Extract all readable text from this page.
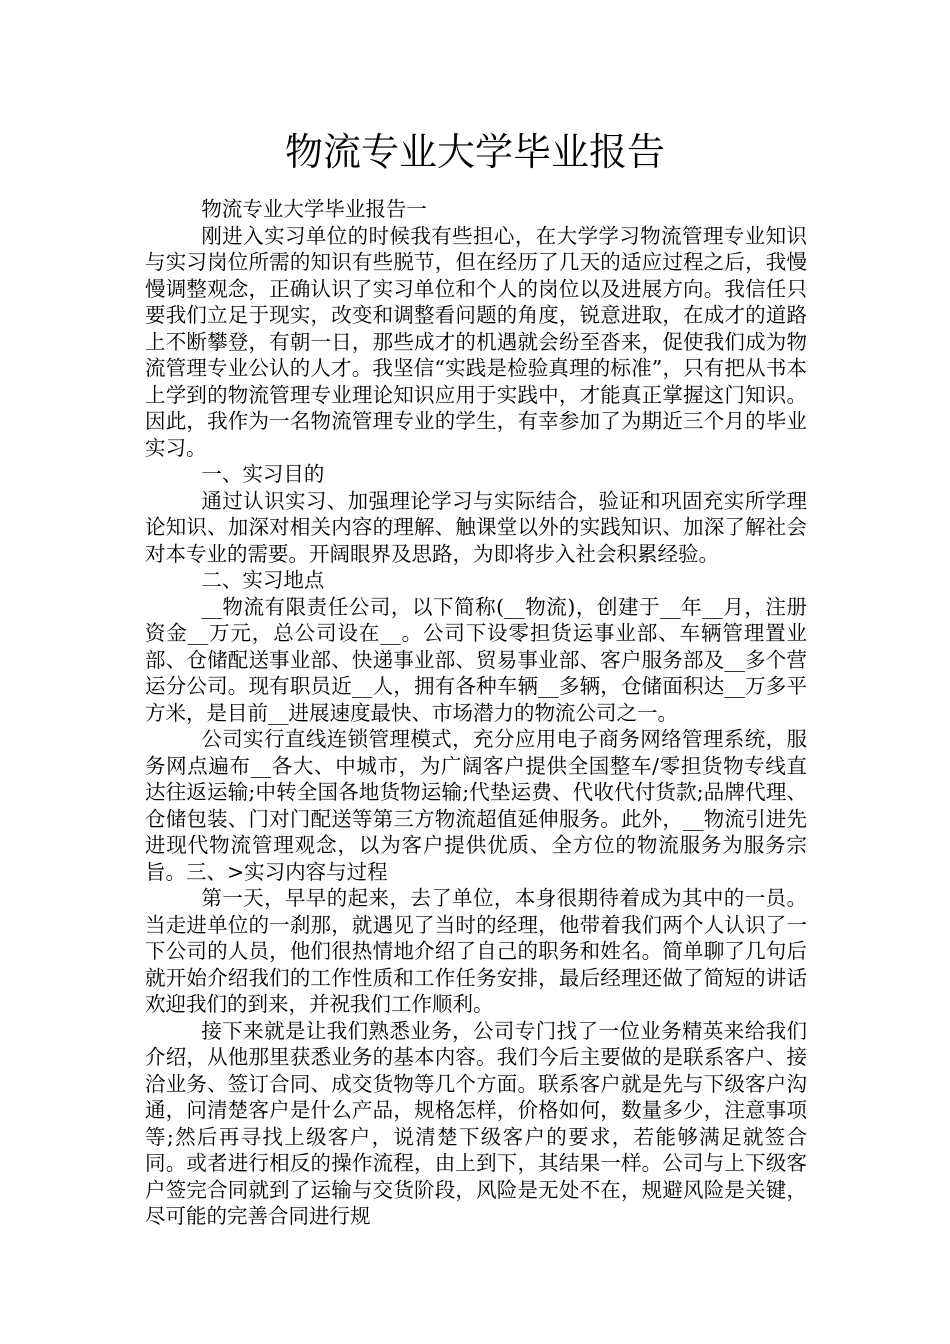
物流专业大学毕业报告

物流专业大学毕业报告一

刚进入实习单位的时候我有些担心，在大学学习物流管理专业知识与实习岗位所需的知识有些脱节，但在经历了几天的适应过程之后，我慢慢调整观念，正确认识了实习单位和个人的岗位以及进展方向。我信任只要我们立足于现实，改变和调整看问题的角度，锐意进取，在成才的道路上不断攀登，有朝一日，那些成才的机遇就会纷至沓来，促使我们成为物流管理专业公认的人才。我坚信“实践是检验真理的标准”，只有把从书本上学到的物流管理专业理论知识应用于实践中，才能真正掌握这门知识。因此，我作为一名物流管理专业的学生，有幸参加了为期近三个月的毕业实习。

一、实习目的

通过认识实习、加强理论学习与实际结合，验证和巩固充实所学理论知识、加深对相关内容的理解、触课堂以外的实践知识、加深了解社会对本专业的需要。开阔眼界及思路，为即将步入社会积累经验。

二、实习地点

__物流有限责任公司，以下简称(__物流)，创建于__年__月，注册资金__万元，总公司设在__。公司下设零担货运事业部、车辆管理置业部、仓储配送事业部、快递事业部、贸易事业部、客户服务部及__多个营运分公司。现有职员近__人，拥有各种车辆__多辆，仓储面积达__万多平方米，是目前__进展速度最快、市场潜力的物流公司之一。

公司实行直线连锁管理模式，充分应用电子商务网络管理系统，服务网点遍布__各大、中城市，为广阔客户提供全国整车/零担货物专线直达往返运输;中转全国各地货物运输;代垫运费、代收代付货款;品牌代理、仓储包装、门对门配送等第三方物流超值延伸服务。此外，__物流引进先进现代物流管理观念，以为客户提供优质、全方位的物流服务为服务宗旨。三、>实习内容与过程

第一天，早早的起来，去了单位，本身很期待着成为其中的一员。当走进单位的一刹那，就遇见了当时的经理，他带着我们两个人认识了一下公司的人员，他们很热情地介绍了自己的职务和姓名。简单聊了几句后就开始介绍我们的工作性质和工作任务安排，最后经理还做了简短的讲话欢迎我们的到来，并祝我们工作顺利。

接下来就是让我们熟悉业务，公司专门找了一位业务精英来给我们介绍，从他那里获悉业务的基本内容。我们今后主要做的是联系客户、接洽业务、签订合同、成交货物等几个方面。联系客户就是先与下级客户沟通，问清楚客户是什么产品，规格怎样，价格如何，数量多少，注意事项等;然后再寻找上级客户，说清楚下级客户的要求，若能够满足就签合同。或者进行相反的操作流程，由上到下，其结果一样。公司与上下级客户签完合同就到了运输与交货阶段，风险是无处不在，规避风险是关键，尽可能的完善合同进行规
